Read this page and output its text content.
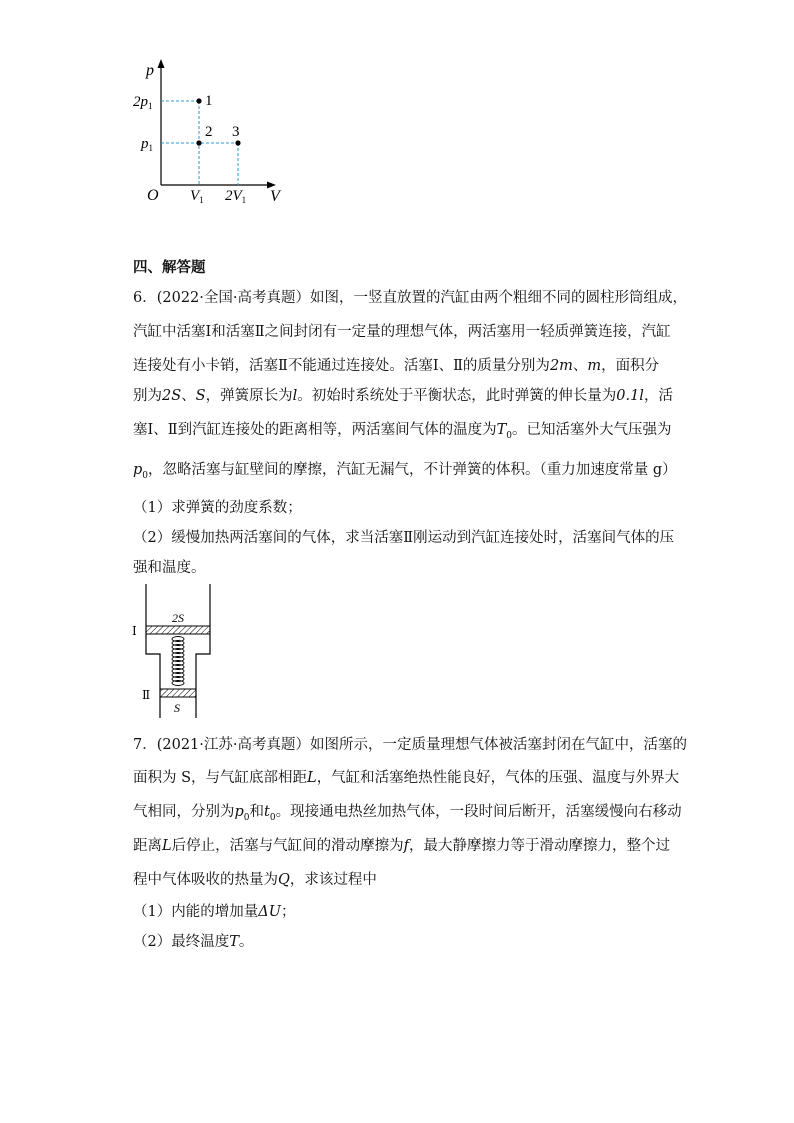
p
V
O
$2p_1$
$p_1$
$V_1$ $2V_1$
1
2 3
四、解答题
6．(2022·全国·高考真题）如图，一竖直放置的汽缸由两个粗细不同的圆柱形筒组成，
汽缸中活塞Ⅰ和活塞Ⅱ之间封闭有一定量的理想气体，两活塞用一轻质弹簧连接，汽缸
连接处有小卡销，活塞Ⅱ不能通过连接处。活塞Ⅰ、Ⅱ的质量分别为2m、m，面积分
别为2S、S，弹簧原长为l。初始时系统处于平衡状态，此时弹簧的伸长量为0.1l，活
塞Ⅰ、Ⅱ到汽缸连接处的距离相等，两活塞间气体的温度为$T_0$。已知活塞外大气压强为
$p_0$，忽略活塞与缸壁间的摩擦，汽缸无漏气，不计弹簧的体积。（重力加速度常量 g）
（1）求弹簧的劲度系数；
（2）缓慢加热两活塞间的气体，求当活塞Ⅱ刚运动到汽缸连接处时，活塞间气体的压
强和温度。
2S
S
Ⅰ
Ⅱ
7．(2021·江苏·高考真题）如图所示，一定质量理想气体被活塞封闭在气缸中，活塞的
面积为 S，与气缸底部相距L，气缸和活塞绝热性能良好，气体的压强、温度与外界大
气相同，分别为$p_0$和$t_0$。现接通电热丝加热气体，一段时间后断开，活塞缓慢向右移动
距离L后停止，活塞与气缸间的滑动摩擦为f，最大静摩擦力等于滑动摩擦力，整个过
程中气体吸收的热量为Q，求该过程中
（1）内能的增加量ΔU；
（2）最终温度T。
